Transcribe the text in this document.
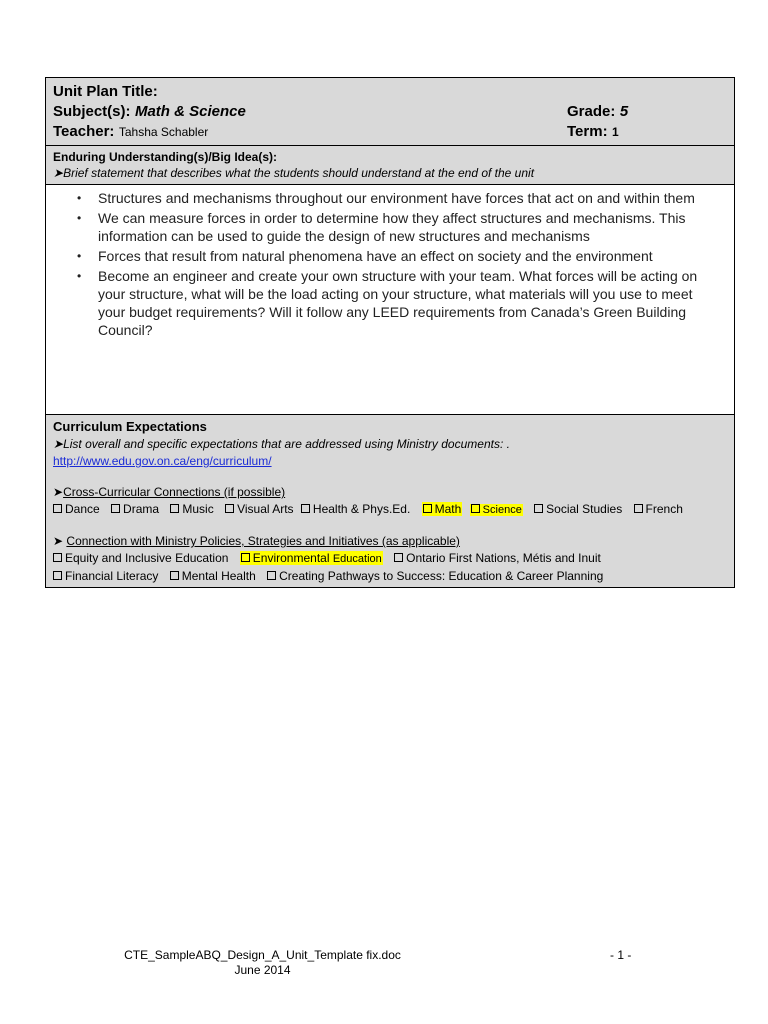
Unit Plan Title:
Subject(s): Math & Science	Grade: 5
Teacher: Tahsha Schabler	Term: 1
Enduring Understanding(s)/Big Idea(s):
➤Brief statement that describes what the students should understand at the end of the unit
• Structures and mechanisms throughout our environment have forces that act on and within them
• We can measure forces in order to determine how they affect structures and mechanisms. This information can be used to guide the design of new structures and mechanisms
• Forces that result from natural phenomena have an effect on society and the environment
• Become an engineer and create your own structure with your team. What forces will be acting on your structure, what will be the load acting on your structure, what materials will you use to meet your budget requirements? Will it follow any LEED requirements from Canada’s Green Building Council?
Curriculum Expectations
➤List overall and specific expectations that are addressed using Ministry documents: .
http://www.edu.gov.on.ca/eng/curriculum/
➤Cross-Curricular Connections (if possible)
Dance Drama Music Visual Arts Health & Phys.Ed. Math Science Social Studies French
➤ Connection with Ministry Policies, Strategies and Initiatives (as applicable)
Equity and Inclusive Education Environmental Education Ontario First Nations, Métis and Inuit
Financial Literacy Mental Health Creating Pathways to Success: Education & Career Planning
CTE_SampleABQ_Design_A_Unit_Template fix.doc
June 2014
- 1 -
